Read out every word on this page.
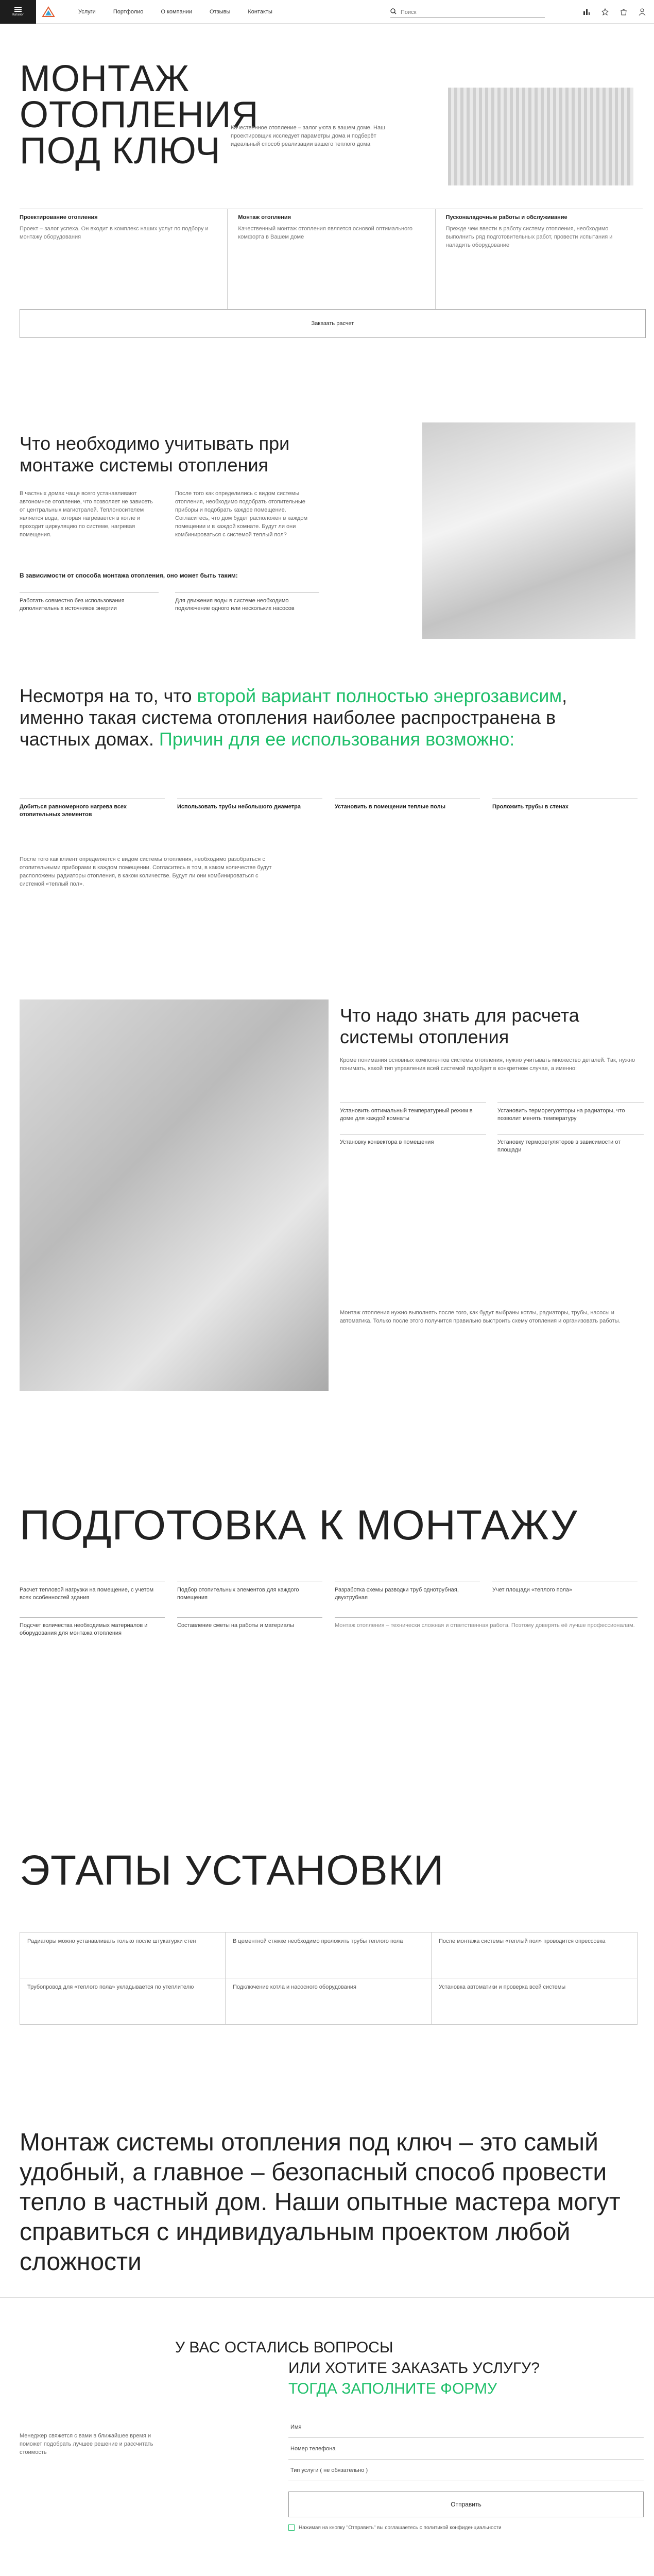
Каталог	Услуги	Портфолио	О компании	Отзывы	Контакты
Поиск
МОНТАЖ ОТОПЛЕНИЯ ПОД КЛЮЧ

Качественное отопление – залог уюта в вашем доме. Наш проектировщик исследует параметры дома и подберёт идеальный способ реализации вашего теплого дома

Проектирование отопления

Проект – залог успеха. Он входит в комплекс наших услуг по подбору и монтажу оборудования

Монтаж отопления

Качественный монтаж отопления является основой оптимального комфорта в Вашем доме

Пусконаладочные работы и обслуживание

Прежде чем ввести в работу систему отопления, необходимо выполнить ряд подготовительных работ, провести испытания и наладить оборудование

Заказать расчет
Что необходимо учитывать при монтаже системы отопления

В частных домах чаще всего устанавливают автономное отопление, что позволяет не зависеть от центральных магистралей. Теплоносителем является вода, которая нагревается в котле и проходит циркуляцию по системе, нагревая помещения.

После того как определились с видом системы отопления, необходимо подобрать отопительные приборы и подобрать каждое помещение. Согласитесь, что дом будет расположен в каждом помещении и в каждой комнате. Будут ли они комбинироваться с системой теплый пол?

В зависимости от способа монтажа отопления, оно может быть таким:

Работать совместно без использования дополнительных источников энергии

Для движения воды в системе необходимо подключение одного или нескольких насосов

Несмотря на то, что второй вариант полностью энергозависим, именно такая система отопления наиболее распространена в частных домах. Причин для ее использования возможно:

Добиться равномерного нагрева всех отопительных элементов

Использовать трубы небольшого диаметра	Установить в помещении теплые полы	Проложить трубы в стенах

После того как клиент определяется с видом системы отопления, необходимо разобраться с отопительными приборами в каждом помещении. Согласитесь в том, в каком количестве будут расположены радиаторы отопления, в каком количестве. Будут ли они комбинироваться с системой «теплый пол».

Что надо знать для расчета системы отопления

Кроме понимания основных компонентов системы отопления, нужно учитывать множество деталей. Так, нужно понимать, какой тип управления всей системой подойдет в конкретном случае, а именно:

Установить оптимальный температурный режим в доме для каждой комнаты

Установить терморегуляторы на радиаторы, что позволит менять температуру

Установку конвектора в помещения	Установку терморегуляторов в зависимости от площади

Монтаж отопления нужно выполнять после того, как будут выбраны котлы, радиаторы, трубы, насосы и автоматика. Только после этого получится правильно выстроить схему отопления и организовать работы.

ПОДГОТОВКА К МОНТАЖУ

Расчет тепловой нагрузки на помещение, с учетом всех особенностей здания

Подбор отопительных элементов для каждого помещения

Разработка схемы разводки труб однотрубная, двухтрубная

Учет площади «теплого пола»

Подсчет количества необходимых материалов и оборудования для монтажа отопления

Составление сметы на работы и материалы	Монтаж отопления – технически сложная и ответственная работа. Поэтому доверять её лучше профессионалам.

ЭТАПЫ УСТАНОВКИ

Радиаторы можно устанавливать только после штукатурки стен	В цементной стяжке необходимо проложить трубы теплого пола	После монтажа системы «теплый пол» проводится опрессовка

Трубопровод для «теплого пола» укладывается по утеплителю	Подключение котла и насосного оборудования	Установка автоматики и проверка всей системы

Монтаж системы отопления под ключ – это самый удобный, а главное – безопасный способ провести тепло в частный дом. Наши опытные мастера могут справиться с индивидуальным проектом любой сложности

У ВАС ОСТАЛИСЬ ВОПРОСЫ

ИЛИ ХОТИТЕ ЗАКАЗАТЬ УСЛУГУ?

ТОГДА ЗАПОЛНИТЕ ФОРМУ

Менеджер свяжется с вами в ближайшее время и поможет подобрать лучшее решение и рассчитать стоимость

Имя
Номер телефона
Тип услуги ( не обязательно )
Отправить
Нажимая на кнопку "Отправить" вы соглашаетесь с политикой конфиденциальности
